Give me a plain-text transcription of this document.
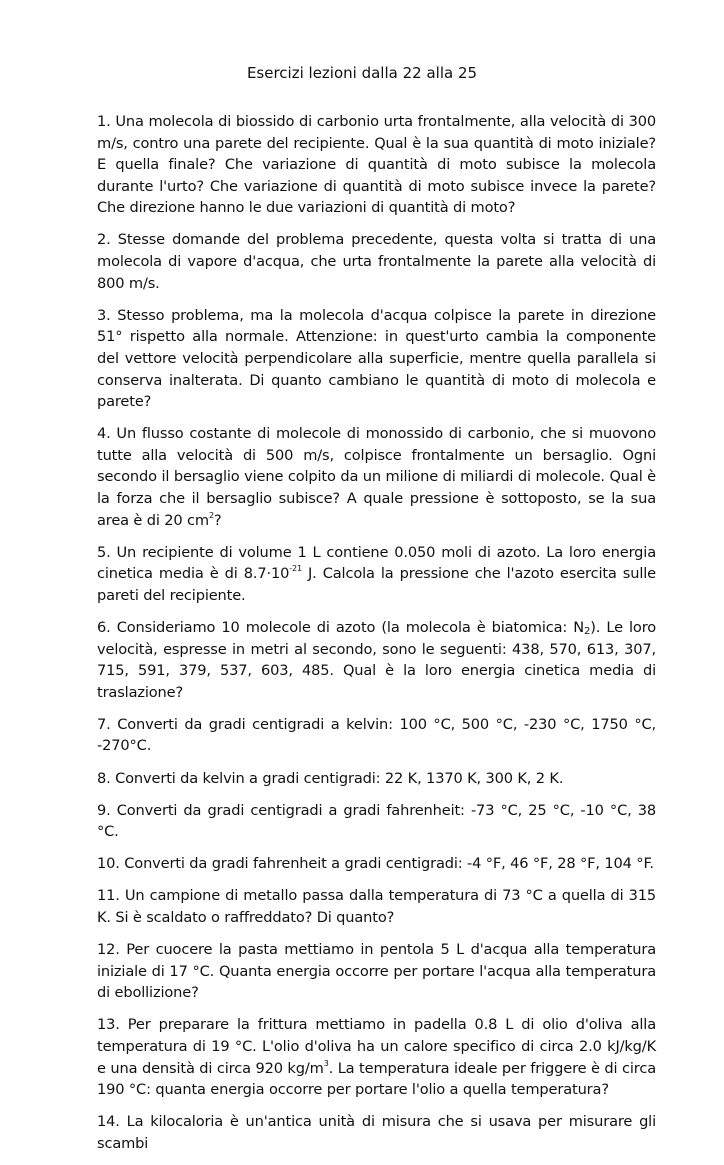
Esercizi lezioni dalla 22 alla 25

1. Una molecola di biossido di carbonio urta frontalmente, alla velocità di 300 m/s, contro una parete del recipiente. Qual è la sua quantità di moto iniziale? E quella finale? Che variazione di quantità di moto subisce la molecola durante l'urto? Che variazione di quantità di moto subisce invece la parete? Che direzione hanno le due variazioni di quantità di moto?

2. Stesse domande del problema precedente, questa volta si tratta di una molecola di vapore d'acqua, che urta frontalmente la parete alla velocità di 800 m/s.

3. Stesso problema, ma la molecola d'acqua colpisce la parete in direzione 51° rispetto alla normale. Attenzione: in quest'urto cambia la componente del vettore velocità perpendicolare alla superficie, mentre quella parallela si conserva inalterata. Di quanto cambiano le quantità di moto di molecola e parete?

4. Un flusso costante di molecole di monossido di carbonio, che si muovono tutte alla velocità di 500 m/s, colpisce frontalmente un bersaglio. Ogni secondo il bersaglio viene colpito da un milione di miliardi di molecole. Qual è la forza che il bersaglio subisce? A quale pressione è sottoposto, se la sua area è di 20 $cm^2$?

5. Un recipiente di volume 1 L contiene 0.050 moli di azoto. La loro energia cinetica media è di $8.7\cdot 10^{-21}$ J. Calcola la pressione che l'azoto esercita sulle pareti del recipiente.

6. Consideriamo 10 molecole di azoto (la molecola è biatomica: $N_2$). Le loro velocità, espresse in metri al secondo, sono le seguenti: 438, 570, 613, 307, 715, 591, 379, 537, 603, 485. Qual è la loro energia cinetica media di traslazione?

7. Converti da gradi centigradi a kelvin: 100 °C, 500 °C, -230 °C, 1750 °C, -270°C.

8. Converti da kelvin a gradi centigradi: 22 K, 1370 K, 300 K, 2 K.

9. Converti da gradi centigradi a gradi fahrenheit: -73 °C, 25 °C, -10 °C, 38 °C.

10. Converti da gradi fahrenheit a gradi centigradi: -4 °F, 46 °F, 28 °F, 104 °F.

11. Un campione di metallo passa dalla temperatura di 73 °C a quella di 315 K. Si è scaldato o raffreddato? Di quanto?

12. Per cuocere la pasta mettiamo in pentola 5 L d'acqua alla temperatura iniziale di 17 °C. Quanta energia occorre per portare l'acqua alla temperatura di ebollizione?

13. Per preparare la frittura mettiamo in padella 0.8 L di olio d'oliva alla temperatura di 19 °C. L'olio d'oliva ha un calore specifico di circa 2.0 kJ/kg/K e una densità di circa 920 $kg/m^3$. La temperatura ideale per friggere è di circa 190 °C: quanta energia occorre per portare l'olio a quella temperatura?

14. La kilocaloria è un'antica unità di misura che si usava per misurare gli scambi
